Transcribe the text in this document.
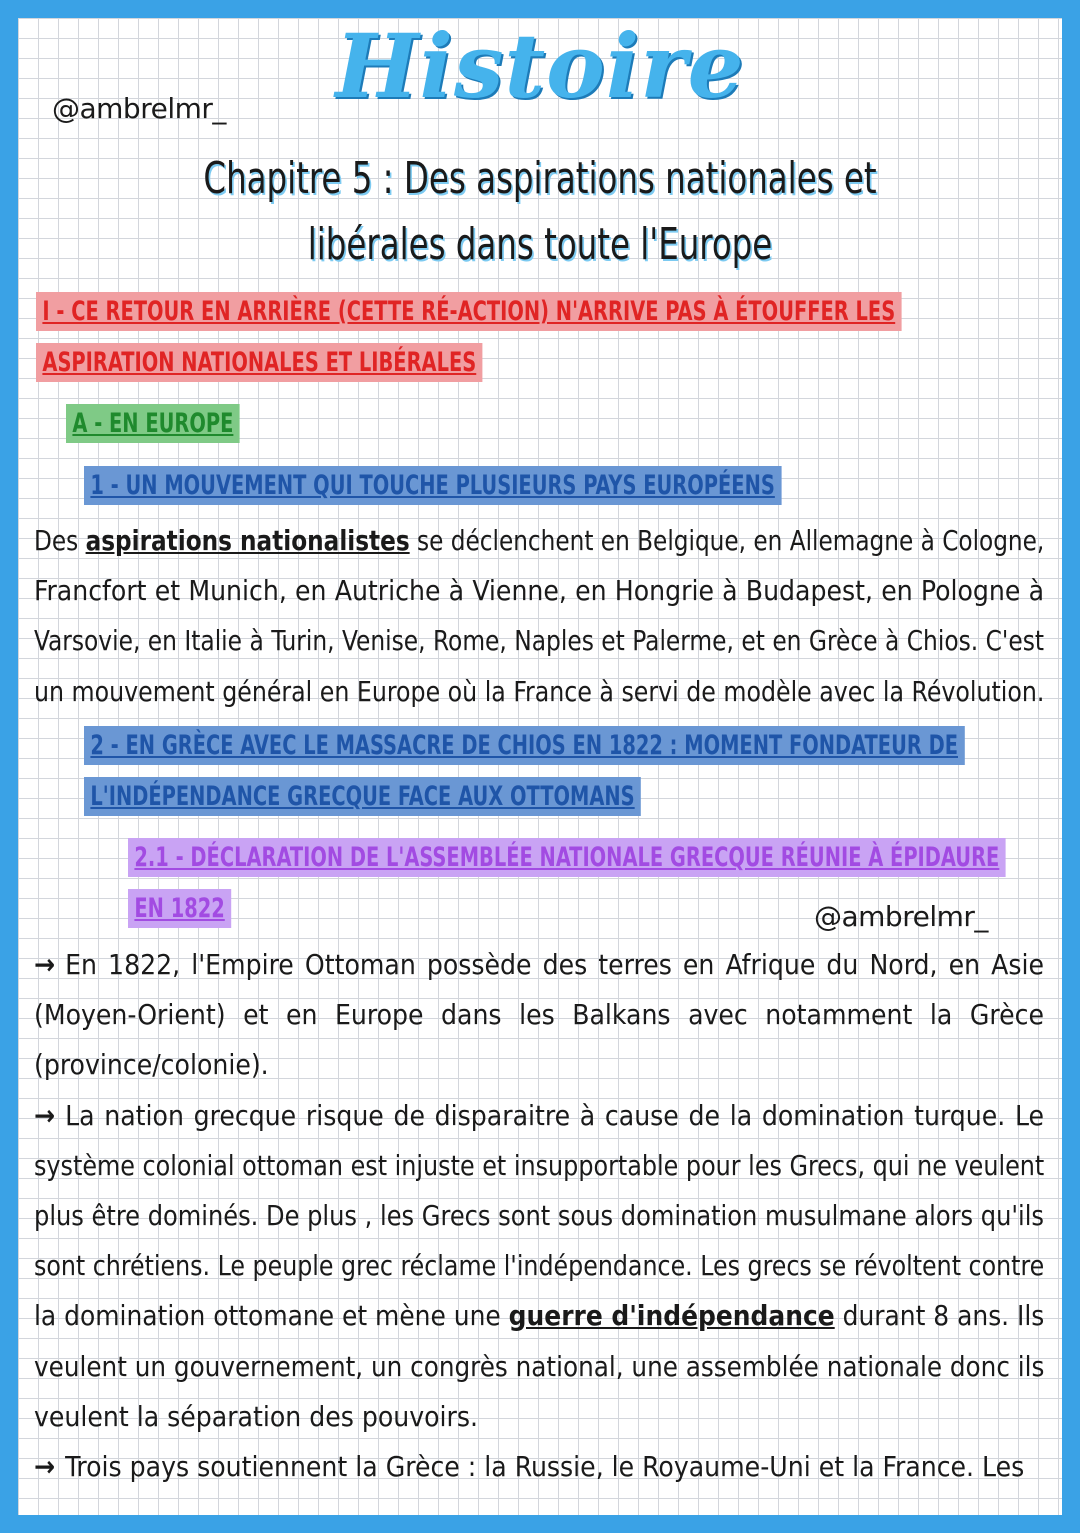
@ambrelmr_	Histoire
Chapitre 5 : Des aspirations nationales et libérales dans toute l'Europe
I - CE RETOUR EN ARRIÈRE (CETTE RÉ-ACTION) N'ARRIVE PAS À ÉTOUFFER LES
ASPIRATION NATIONALES ET LIBÉRALES
A - EN EUROPE
1 - UN MOUVEMENT QUI TOUCHE PLUSIEURS PAYS EUROPÉENS
Des aspirations nationalistes se déclenchent en Belgique, en Allemagne à Cologne,
Francfort et Munich, en Autriche à Vienne, en Hongrie à Budapest, en Pologne à
Varsovie, en Italie à Turin, Venise, Rome, Naples et Palerme, et en Grèce à Chios. C'est
un mouvement général en Europe où la France à servi de modèle avec la Révolution.
2 - EN GRÈCE AVEC LE MASSACRE DE CHIOS EN 1822 : MOMENT FONDATEUR DE
L'INDÉPENDANCE GRECQUE FACE AUX OTTOMANS
2.1 - DÉCLARATION DE L'ASSEMBLÉE NATIONALE GRECQUE RÉUNIE À ÉPIDAURE
EN 1822	@ambrelmr_
→ En 1822, l'Empire Ottoman possède des terres en Afrique du Nord, en Asie
(Moyen-Orient) et en Europe dans les Balkans avec notamment la Grèce
(province/colonie).
→ La nation grecque risque de disparaitre à cause de la domination turque. Le
système colonial ottoman est injuste et insupportable pour les Grecs, qui ne veulent
plus être dominés. De plus , les Grecs sont sous domination musulmane alors qu'ils
sont chrétiens. Le peuple grec réclame l'indépendance. Les grecs se révoltent contre
la domination ottomane et mène une guerre d'indépendance durant 8 ans. Ils
veulent un gouvernement, un congrès national, une assemblée nationale donc ils
veulent la séparation des pouvoirs.
→ Trois pays soutiennent la Grèce : la Russie, le Royaume-Uni et la France. Les
